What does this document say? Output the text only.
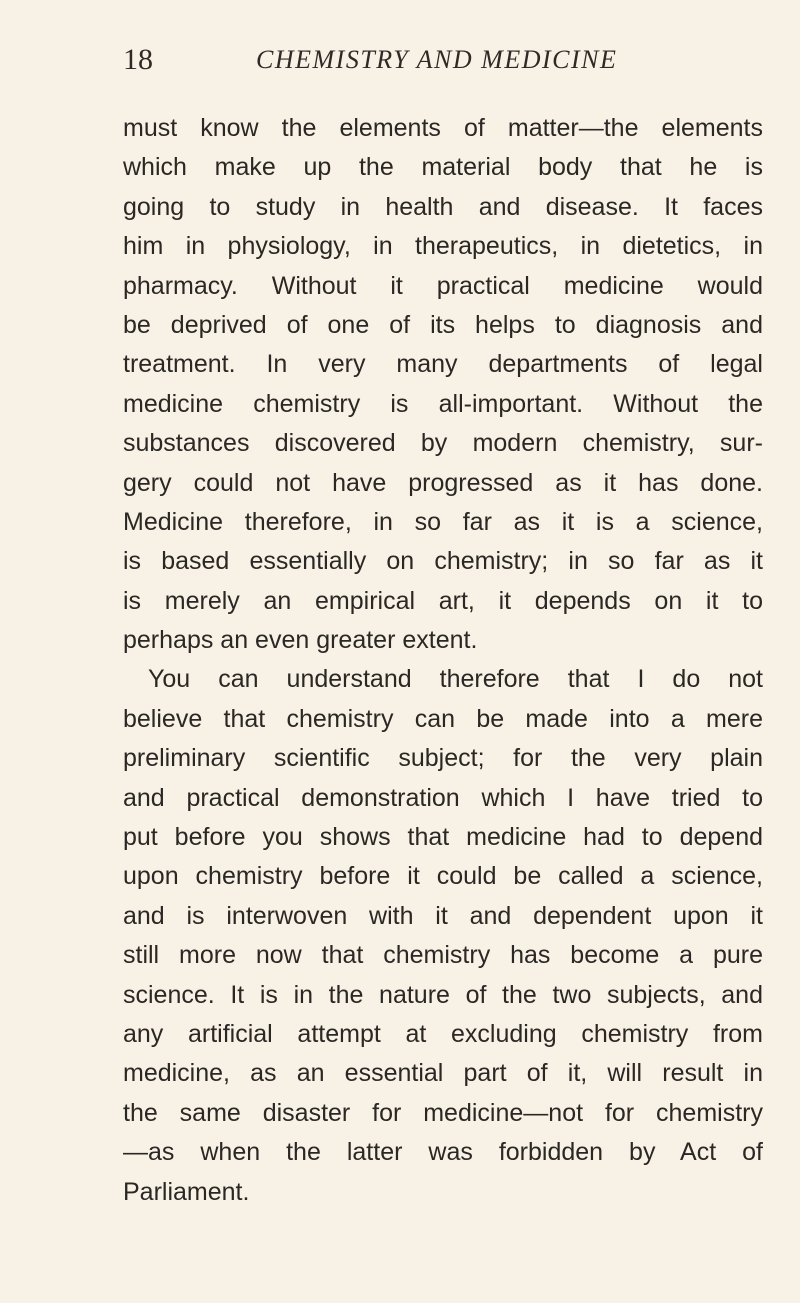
18	CHEMISTRY AND MEDICINE
must know the elements of matter—the elements
which make up the material body that he is
going to study in health and disease. It faces
him in physiology, in therapeutics, in dietetics, in
pharmacy. Without it practical medicine would
be deprived of one of its helps to diagnosis and
treatment. In very many departments of legal
medicine chemistry is all-important. Without the
substances discovered by modern chemistry, sur-
gery could not have progressed as it has done.
Medicine therefore, in so far as it is a science,
is based essentially on chemistry; in so far as it
is merely an empirical art, it depends on it to
perhaps an even greater extent.
You can understand therefore that I do not
believe that chemistry can be made into a mere
preliminary scientific subject; for the very plain
and practical demonstration which I have tried to
put before you shows that medicine had to depend
upon chemistry before it could be called a science,
and is interwoven with it and dependent upon it
still more now that chemistry has become a pure
science. It is in the nature of the two subjects, and
any artificial attempt at excluding chemistry from
medicine, as an essential part of it, will result in
the same disaster for medicine—not for chemistry
—as when the latter was forbidden by Act of
Parliament.
